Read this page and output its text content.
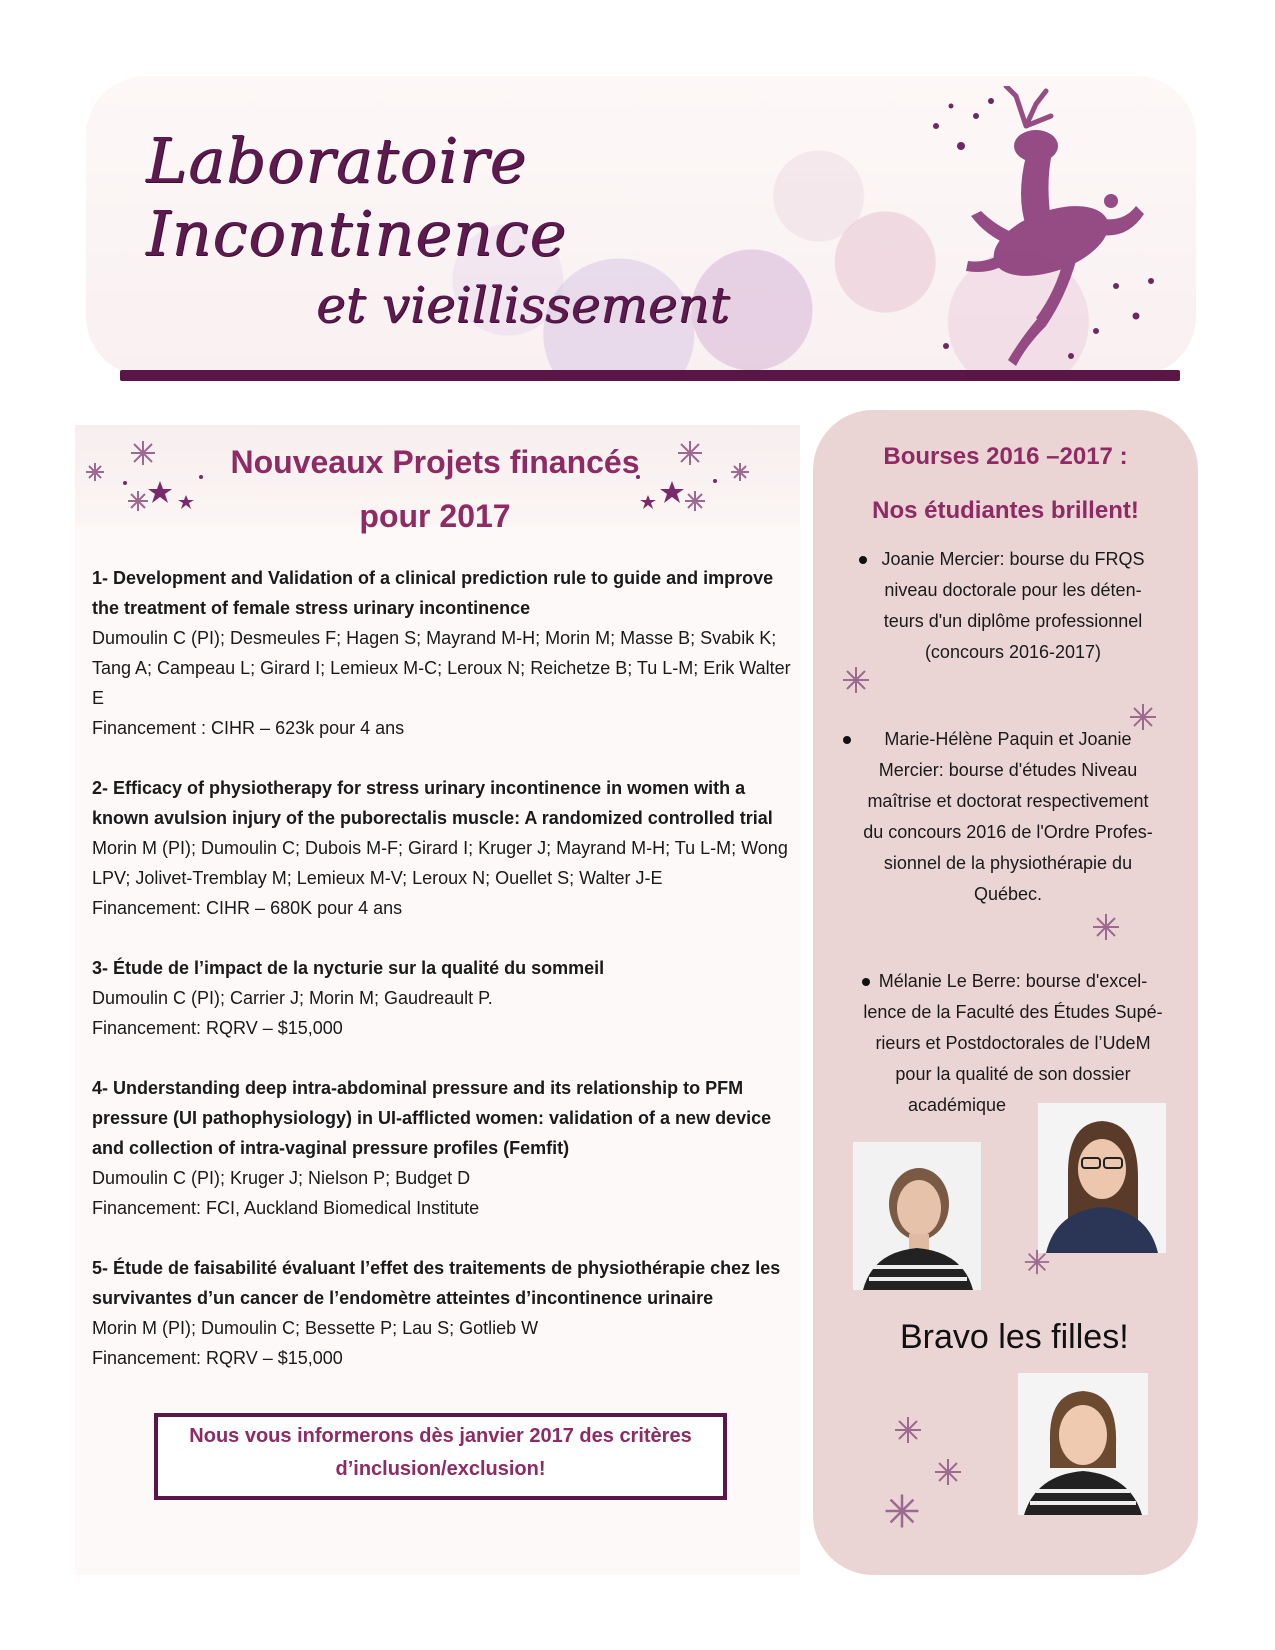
Laboratoire Incontinence
et vieillissement
Nouveaux Projets financés
pour 2017
1- Development and Validation of a clinical prediction rule to guide and improve the treatment of female stress urinary incontinence
Dumoulin C (PI); Desmeules F; Hagen S; Mayrand M-H; Morin M; Masse B; Svabik K; Tang A; Campeau L; Girard I; Lemieux M-C; Leroux N; Reichetze B; Tu L-M; Erik Walter E
Financement : CIHR – 623k pour 4 ans
2- Efficacy of physiotherapy for stress urinary incontinence in women with a known avulsion injury of the puborectalis muscle: A randomized controlled trial
Morin M (PI); Dumoulin C; Dubois M-F; Girard I; Kruger J; Mayrand M-H; Tu L-M; Wong LPV; Jolivet-Tremblay M; Lemieux M-V; Leroux N; Ouellet S; Walter J-E
Financement: CIHR – 680K pour 4 ans
3- Étude de l’impact de la nycturie sur la qualité du sommeil
Dumoulin C (PI); Carrier J; Morin M; Gaudreault P.
Financement: RQRV – $15,000
4- Understanding deep intra-abdominal pressure and its relationship to PFM pressure (UI pathophysiology) in UI-afflicted women: validation of a new device and collection of intra-vaginal pressure profiles (Femfit)
Dumoulin C (PI); Kruger J; Nielson P; Budget D
Financement: FCI, Auckland Biomedical Institute
5- Étude de faisabilité évaluant l’effet des traitements de physiothérapie chez les survivantes d’un cancer de l’endomètre atteintes d’incontinence urinaire
Morin M (PI); Dumoulin C; Bessette P; Lau S; Gotlieb W
Financement: RQRV – $15,000
Nous vous informerons dès janvier 2017 des critères
d’inclusion/exclusion!
Bourses 2016 –2017 :
Nos étudiantes brillent!
Joanie Mercier: bourse du FRQS
niveau doctorale pour les déten-
teurs d'un diplôme professionnel
(concours 2016-2017)
Marie-Hélène Paquin et Joanie
Mercier: bourse d'études Niveau
maîtrise et doctorat respectivement
du concours 2016 de l'Ordre Profes-
sionnel de la physiothérapie du
Québec.
Mélanie Le Berre: bourse d'excel-
lence de la Faculté des Études Supé-
rieurs et Postdoctorales de l’UdeM
pour la qualité de son dossier
académique
Bravo les filles!
